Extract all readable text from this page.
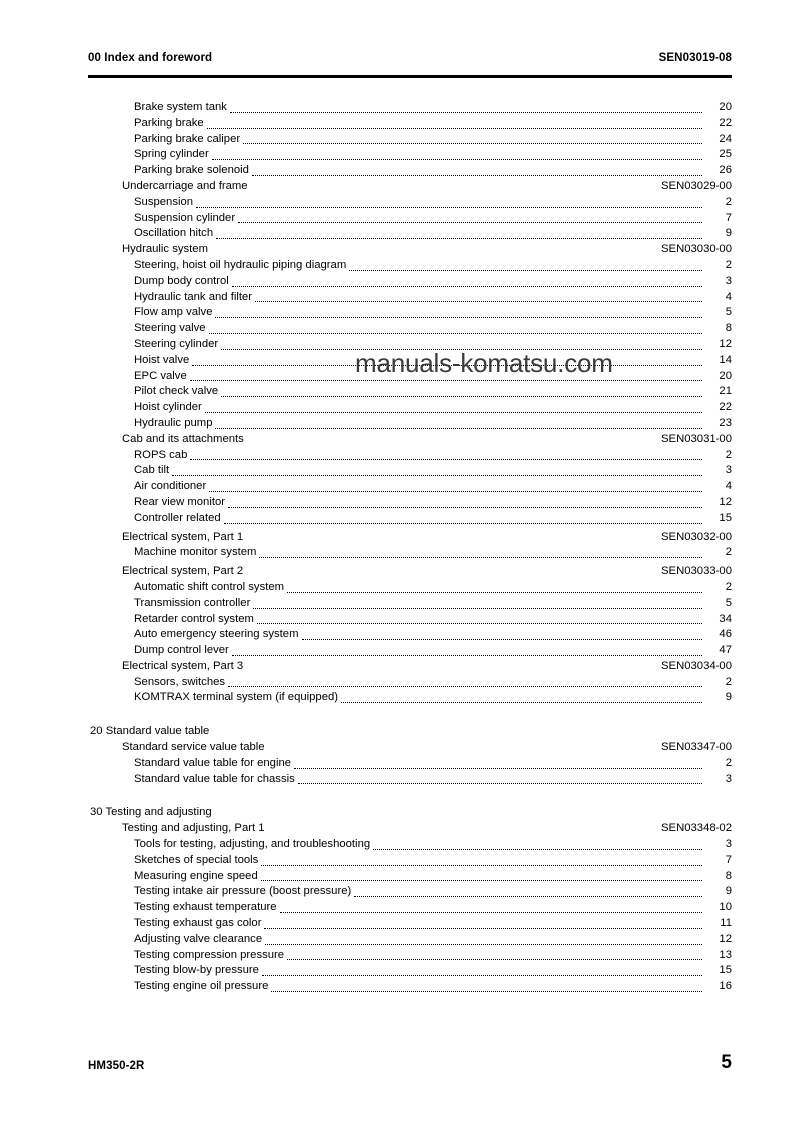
00 Index and foreword	SEN03019-08
Brake system tank	20
Parking brake	22
Parking brake caliper	24
Spring cylinder	25
Parking brake solenoid	26
Undercarriage and frame	SEN03029-00
Suspension	2
Suspension cylinder	7
Oscillation hitch	9
Hydraulic system	SEN03030-00
Steering, hoist oil hydraulic piping diagram	2
Dump body control	3
Hydraulic tank and filter	4
Flow amp valve	5
Steering valve	8
Steering cylinder	12
Hoist valve	14
EPC valve	20
Pilot check valve	21
Hoist cylinder	22
Hydraulic pump	23
Cab and its attachments	SEN03031-00
ROPS cab	2
Cab tilt	3
Air conditioner	4
Rear view monitor	12
Controller related	15
Electrical system, Part 1	SEN03032-00
Machine monitor system	2
Electrical system, Part 2	SEN03033-00
Automatic shift control system	2
Transmission controller	5
Retarder control system	34
Auto emergency steering system	46
Dump control lever	47
Electrical system, Part 3	SEN03034-00
Sensors, switches	2
KOMTRAX terminal system (if equipped)	9
20 Standard value table
Standard service value table	SEN03347-00
Standard value table for engine	2
Standard value table for chassis	3
30 Testing and adjusting
Testing and adjusting, Part 1	SEN03348-02
Tools for testing, adjusting, and troubleshooting	3
Sketches of special tools	7
Measuring engine speed	8
Testing intake air pressure (boost pressure)	9
Testing exhaust temperature	10
Testing exhaust gas color	11
Adjusting valve clearance	12
Testing compression pressure	13
Testing blow-by pressure	15
Testing engine oil pressure	16
manuals-komatsu.com
HM350-2R	5
